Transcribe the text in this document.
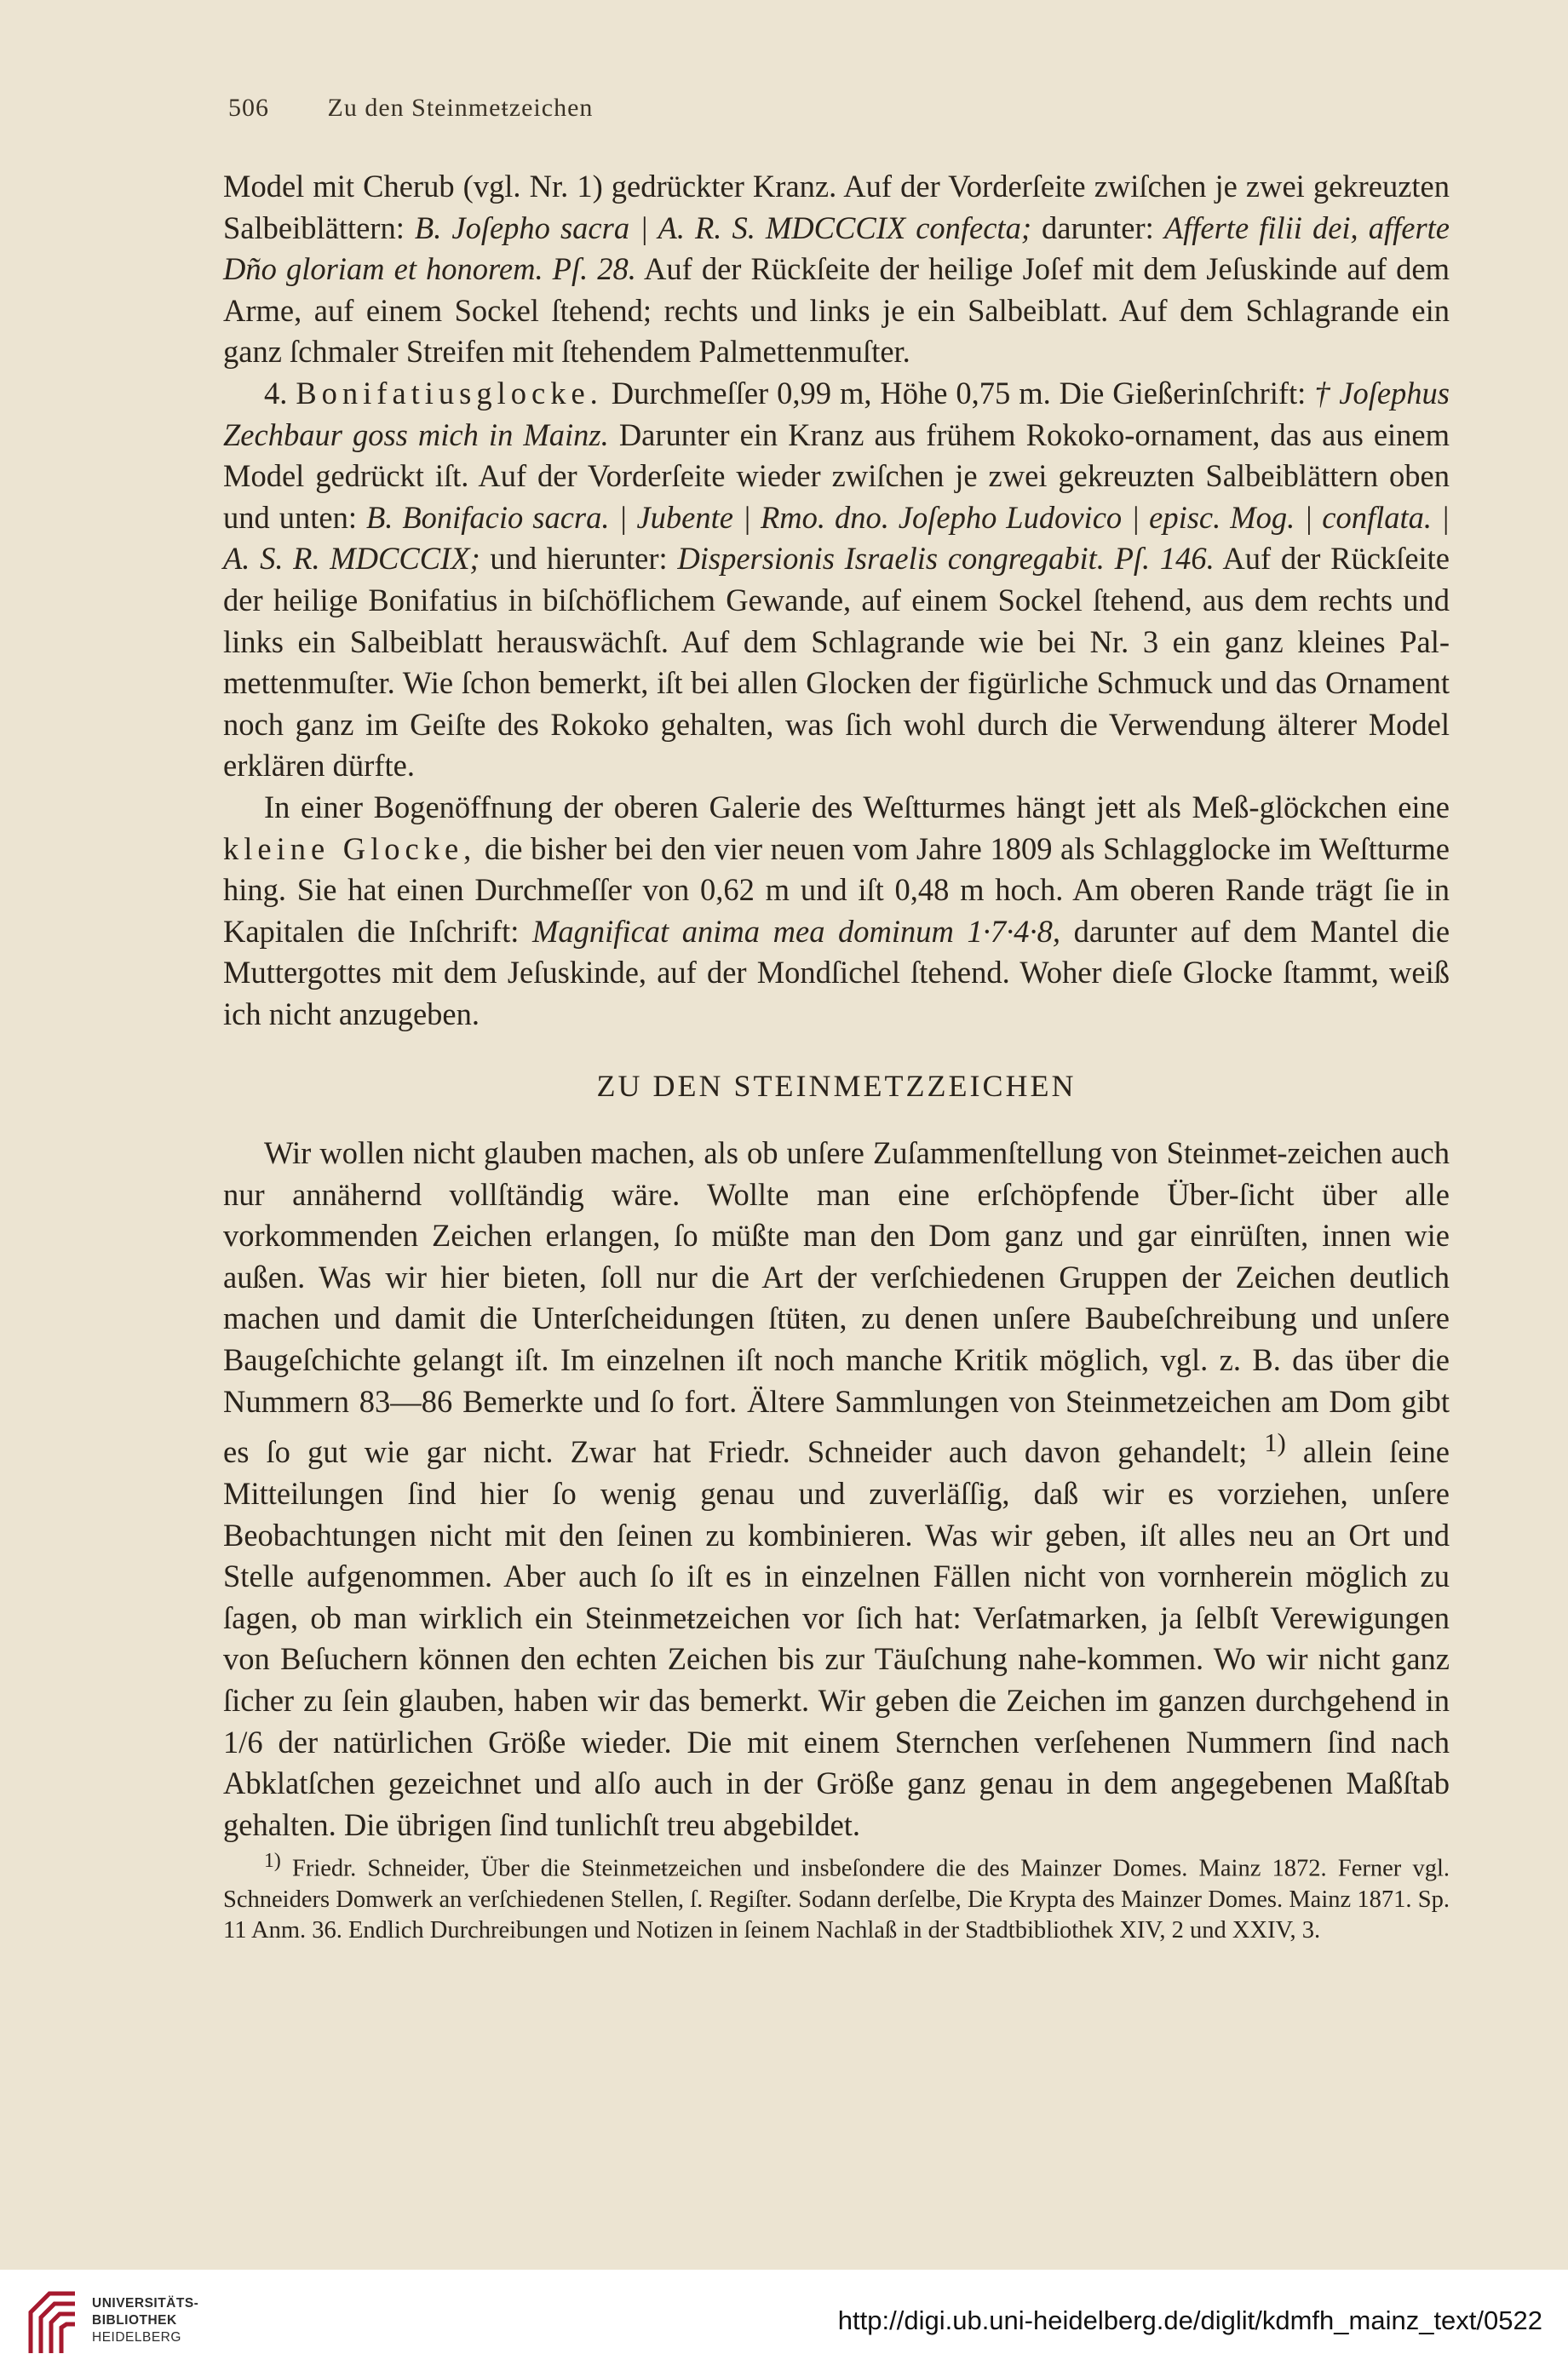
506 Zu den Steinmeŧzeichen

Model mit Cherub (vgl. Nr. 1) gedrückter Kranz. Auf der Vorderſeite zwiſchen je zwei gekreuzten Salbeiblättern: B. Joſepho sacra | A. R. S. MDCCCIX confecta; darunter: Afferte filii dei, afferte Dño gloriam et honorem. Pſ. 28. Auf der Rückſeite der heilige Joſef mit dem Jeſuskinde auf dem Arme, auf einem Sockel ſtehend; rechts und links je ein Salbeiblatt. Auf dem Schlagrande ein ganz ſchmaler Streifen mit ſtehendem Palmettenmuſter.

4. Bonifatiusglocke. Durchmeſſer 0,99 m, Höhe 0,75 m. Die Gießerinſchrift: † Joſephus Zechbaur goss mich in Mainz. Darunter ein Kranz aus frühem Rokoko-ornament, das aus einem Model gedrückt iſt. Auf der Vorderſeite wieder zwiſchen je zwei gekreuzten Salbeiblättern oben und unten: B. Bonifacio sacra. | Jubente | Rmo. dno. Joſepho Ludovico | episc. Mog. | conflata. | A. S. R. MDCCCIX; und hierunter: Dispersionis Israelis congregabit. Pſ. 146. Auf der Rückſeite der heilige Bonifatius in biſchöflichem Gewande, auf einem Sockel ſtehend, aus dem rechts und links ein Salbeiblatt herauswächſt. Auf dem Schlagrande wie bei Nr. 3 ein ganz kleines Pal-mettenmuſter. Wie ſchon bemerkt, iſt bei allen Glocken der figürliche Schmuck und das Ornament noch ganz im Geiſte des Rokoko gehalten, was ſich wohl durch die Verwendung älterer Model erklären dürfte.

In einer Bogenöffnung der oberen Galerie des Weſtturmes hängt jeŧt als Meß-glöckchen eine kleine Glocke, die bisher bei den vier neuen vom Jahre 1809 als Schlagglocke im Weſtturme hing. Sie hat einen Durchmeſſer von 0,62 m und iſt 0,48 m hoch. Am oberen Rande trägt ſie in Kapitalen die Inſchrift: Magnificat anima mea dominum 1·7·4·8, darunter auf dem Mantel die Muttergottes mit dem Jeſuskinde, auf der Mondſichel ſtehend. Woher dieſe Glocke ſtammt, weiß ich nicht anzugeben.

ZU DEN STEINMETZZEICHEN

Wir wollen nicht glauben machen, als ob unſere Zuſammenſtellung von Steinmeŧ-zeichen auch nur annähernd vollſtändig wäre. Wollte man eine erſchöpfende Über-ſicht über alle vorkommenden Zeichen erlangen, ſo müßte man den Dom ganz und gar einrüſten, innen wie außen. Was wir hier bieten, ſoll nur die Art der verſchiedenen Gruppen der Zeichen deutlich machen und damit die Unterſcheidungen ſtüŧen, zu denen unſere Baubeſchreibung und unſere Baugeſchichte gelangt iſt. Im einzelnen iſt noch manche Kritik möglich, vgl. z. B. das über die Nummern 83—86 Bemerkte und ſo fort. Ältere Sammlungen von Steinmeŧzeichen am Dom gibt es ſo gut wie gar nicht. Zwar hat Friedr. Schneider auch davon gehandelt; $^{1)}$ allein ſeine Mitteilungen ſind hier ſo wenig genau und zuverläſſig, daß wir es vorziehen, unſere Beobachtungen nicht mit den ſeinen zu kombinieren. Was wir geben, iſt alles neu an Ort und Stelle aufgenommen. Aber auch ſo iſt es in einzelnen Fällen nicht von vornherein möglich zu ſagen, ob man wirklich ein Steinmeŧzeichen vor ſich hat: Verſaŧmarken, ja ſelbſt Verewigungen von Beſuchern können den echten Zeichen bis zur Täuſchung nahe-kommen. Wo wir nicht ganz ſicher zu ſein glauben, haben wir das bemerkt. Wir geben die Zeichen im ganzen durchgehend in 1/6 der natürlichen Größe wieder. Die mit einem Sternchen verſehenen Nummern ſind nach Abklatſchen gezeichnet und alſo auch in der Größe ganz genau in dem angegebenen Maßſtab gehalten. Die übrigen ſind tunlichſt treu abgebildet.

$^{1)}$ Friedr. Schneider, Über die Steinmeŧzeichen und insbeſondere die des Mainzer Domes. Mainz 1872. Ferner vgl. Schneiders Domwerk an verſchiedenen Stellen, ſ. Regiſter. Sodann derſelbe, Die Krypta des Mainzer Domes. Mainz 1871. Sp. 11 Anm. 36. Endlich Durchreibungen und Notizen in ſeinem Nachlaß in der Stadtbibliothek XIV, 2 und XXIV, 3.

UNIVERSITÄTS-
BIBLIOTHEK
HEIDELBERG
http://digi.ub.uni-heidelberg.de/diglit/kdmfh_mainz_text/0522
